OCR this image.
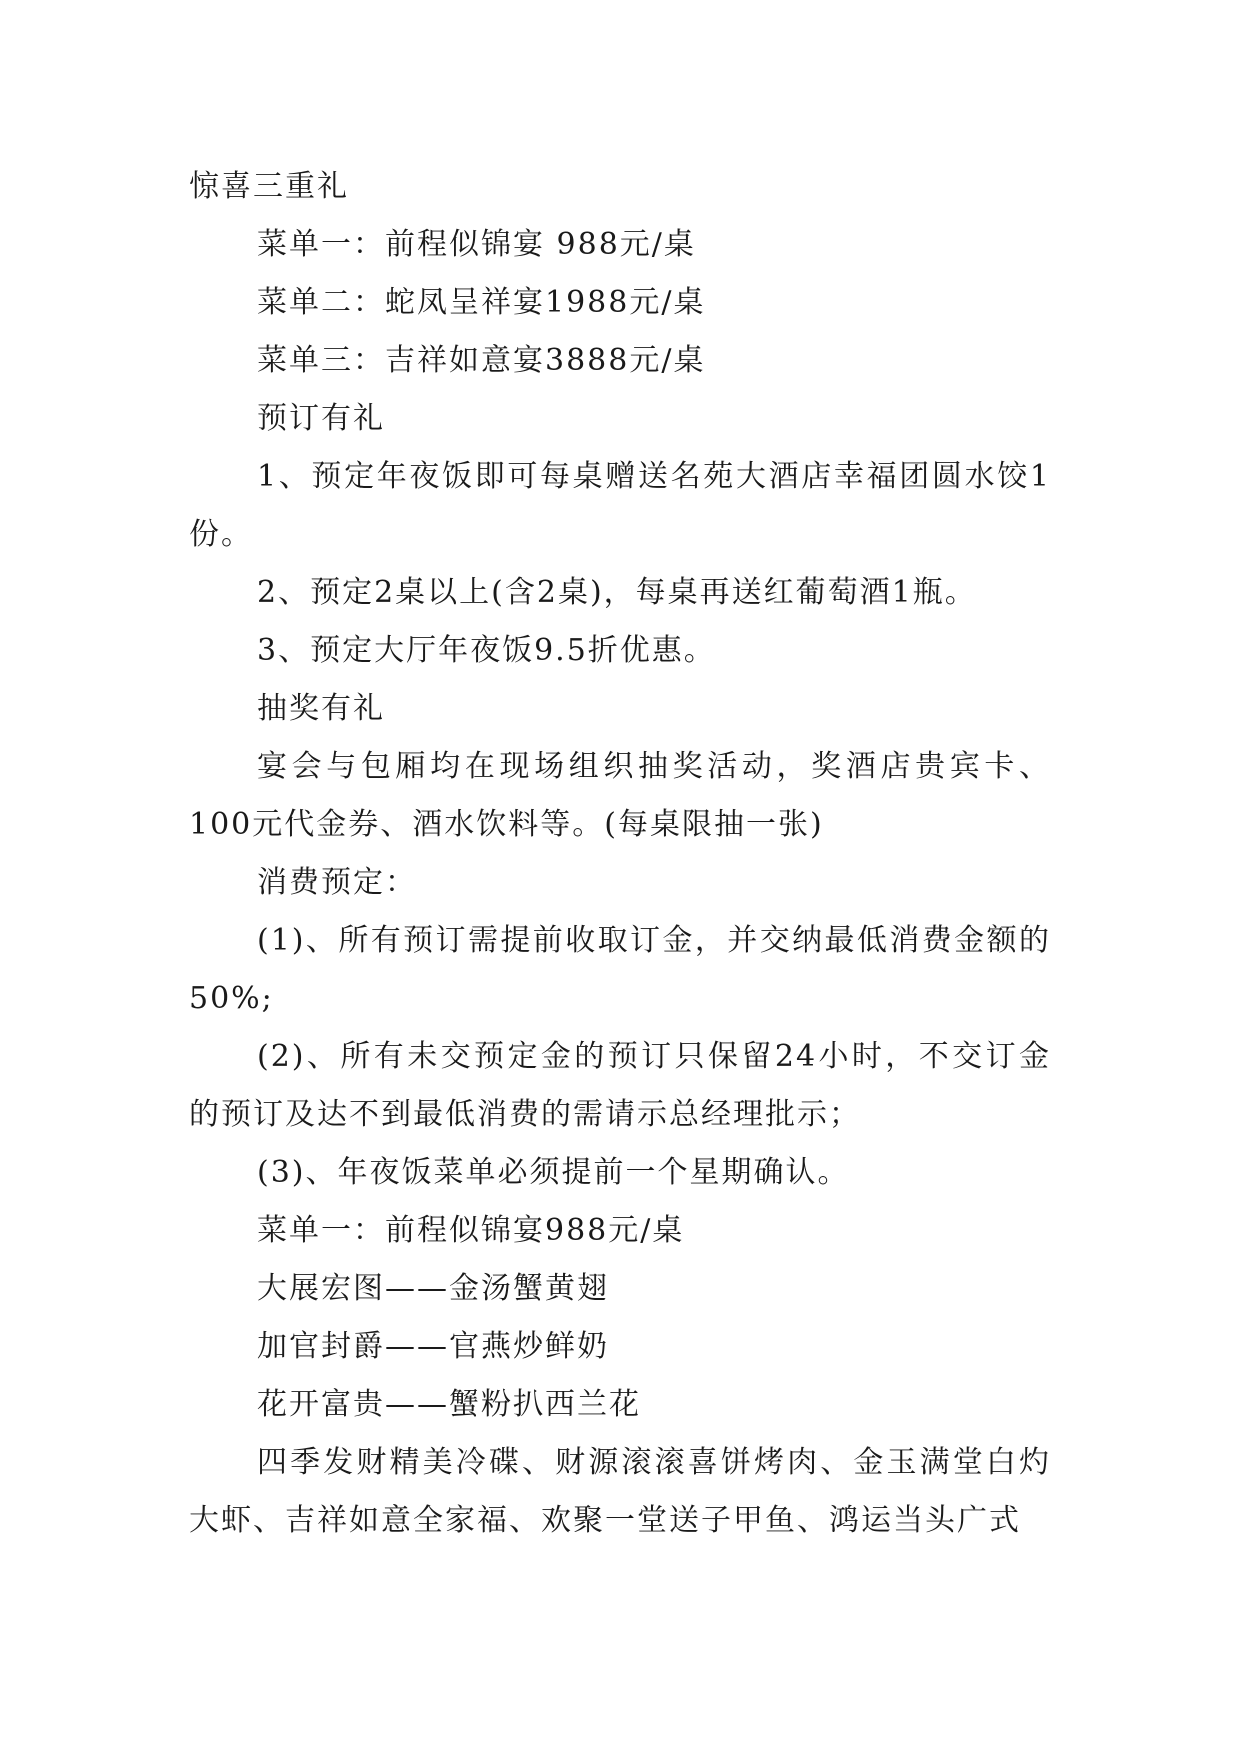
惊喜三重礼

菜单一：前程似锦宴 988元/桌

菜单二：蛇凤呈祥宴1988元/桌

菜单三：吉祥如意宴3888元/桌

预订有礼

1、预定年夜饭即可每桌赠送名苑大酒店幸福团圆水饺1份。

2、预定2桌以上(含2桌)，每桌再送红葡萄酒1瓶。

3、预定大厅年夜饭9.5折优惠。

抽奖有礼

宴会与包厢均在现场组织抽奖活动，奖酒店贵宾卡、100元代金券、酒水饮料等。(每桌限抽一张)

消费预定：

(1)、所有预订需提前收取订金，并交纳最低消费金额的50%;

(2)、所有未交预定金的预订只保留24小时，不交订金的预订及达不到最低消费的需请示总经理批示；

(3)、年夜饭菜单必须提前一个星期确认。

菜单一：前程似锦宴988元/桌

大展宏图——金汤蟹黄翅

加官封爵——官燕炒鲜奶

花开富贵——蟹粉扒西兰花

四季发财精美冷碟、财源滚滚喜饼烤肉、金玉满堂白灼大虾、吉祥如意全家福、欢聚一堂送子甲鱼、鸿运当头广式
